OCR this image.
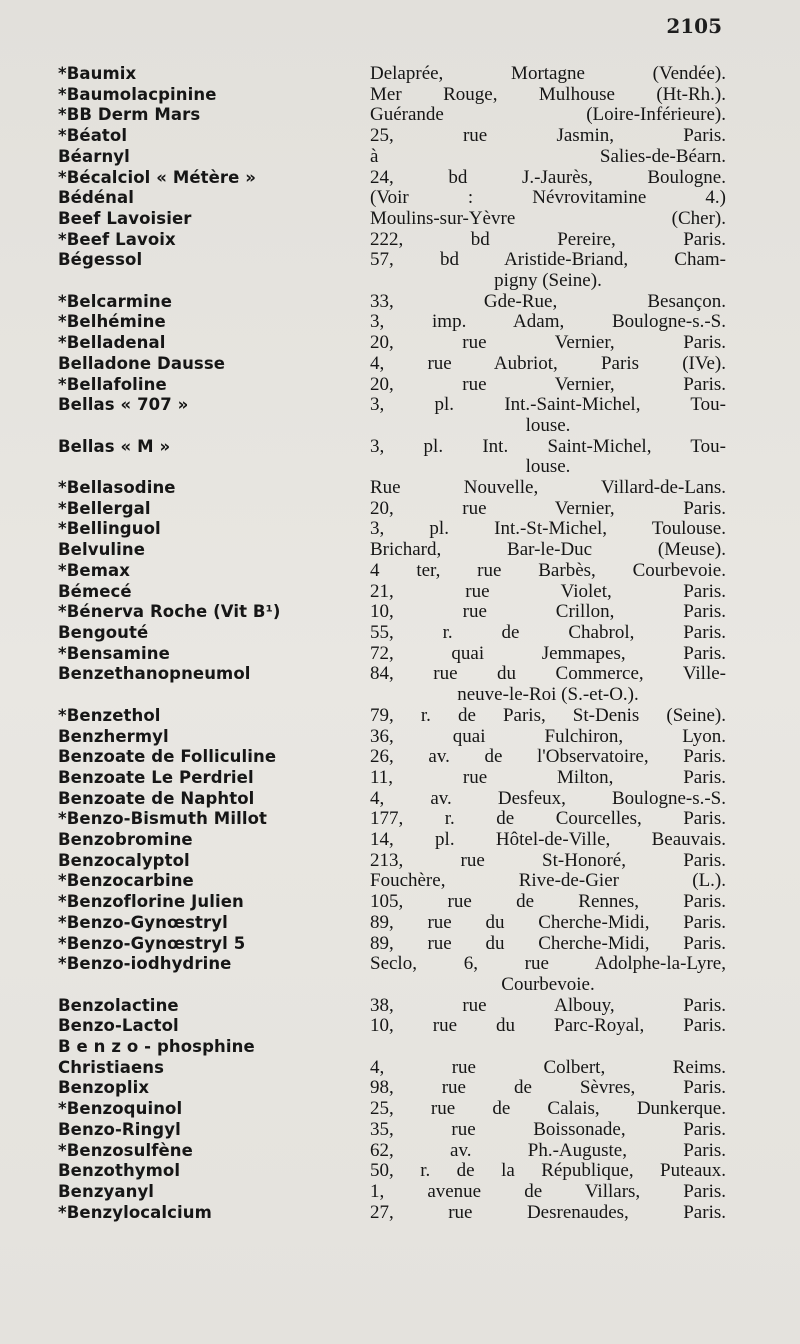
2105
*Baumix	Delaprée, Mortagne (Vendée).
*Baumolacpinine	Mer Rouge, Mulhouse (Ht-Rh.).
*BB Derm Mars	Guérande (Loire-Inférieure).
*Béatol	25, rue Jasmin, Paris.
Béarnyl	à Salies-de-Béarn.
*Bécalciol « Métère »	24, bd J.-Jaurès, Boulogne.
Bédénal	(Voir : Névrovitamine 4.)
Beef Lavoisier	Moulins-sur-Yèvre (Cher).
*Beef Lavoix	222, bd Pereire, Paris.
Bégessol	57, bd Aristide-Briand, Cham-
pigny (Seine).
*Belcarmine	33, Gde-Rue, Besançon.
*Belhémine	3, imp. Adam, Boulogne-s.-S.
*Belladenal	20, rue Vernier, Paris.
Belladone Dausse	4, rue Aubriot, Paris (IVe).
*Bellafoline	20, rue Vernier, Paris.
Bellas « 707 »	3, pl. Int.-Saint-Michel, Tou-
louse.
Bellas « M »	3, pl. Int. Saint-Michel, Tou-
louse.
*Bellasodine	Rue Nouvelle, Villard-de-Lans.
*Bellergal	20, rue Vernier, Paris.
*Bellinguol	3, pl. Int.-St-Michel, Toulouse.
Belvuline	Brichard, Bar-le-Duc (Meuse).
*Bemax	4 ter, rue Barbès, Courbevoie.
Bémecé	21, rue Violet, Paris.
*Bénerva Roche (Vit B¹)	10, rue Crillon, Paris.
Bengouté	55, r. de Chabrol, Paris.
*Bensamine	72, quai Jemmapes, Paris.
Benzethanopneumol	84, rue du Commerce, Ville-
neuve-le-Roi (S.-et-O.).
*Benzethol	79, r. de Paris, St-Denis (Seine).
Benzhermyl	36, quai Fulchiron, Lyon.
Benzoate de Folliculine	26, av. de l'Observatoire, Paris.
Benzoate Le Perdriel	11, rue Milton, Paris.
Benzoate de Naphtol	4, av. Desfeux, Boulogne-s.-S.
*Benzo-Bismuth Millot	177, r. de Courcelles, Paris.
Benzobromine	14, pl. Hôtel-de-Ville, Beauvais.
Benzocalyptol	213, rue St-Honoré, Paris.
*Benzocarbine	Fouchère, Rive-de-Gier (L.).
*Benzoflorine Julien	105, rue de Rennes, Paris.
*Benzo-Gynœstryl	89, rue du Cherche-Midi, Paris.
*Benzo-Gynœstryl 5	89, rue du Cherche-Midi, Paris.
*Benzo-iodhydrine	Seclo, 6, rue Adolphe-la-Lyre,
Courbevoie.
Benzolactine	38, rue Albouy, Paris.
Benzo-Lactol	10, rue du Parc-Royal, Paris.
B e n z o - phosphine
Christiaens	4, rue Colbert, Reims.
Benzoplix	98, rue de Sèvres, Paris.
*Benzoquinol	25, rue de Calais, Dunkerque.
Benzo-Ringyl	35, rue Boissonade, Paris.
*Benzosulfène	62, av. Ph.-Auguste, Paris.
Benzothymol	50, r. de la République, Puteaux.
Benzyanyl	1, avenue de Villars, Paris.
*Benzylocalcium	27, rue Desrenaudes, Paris.
